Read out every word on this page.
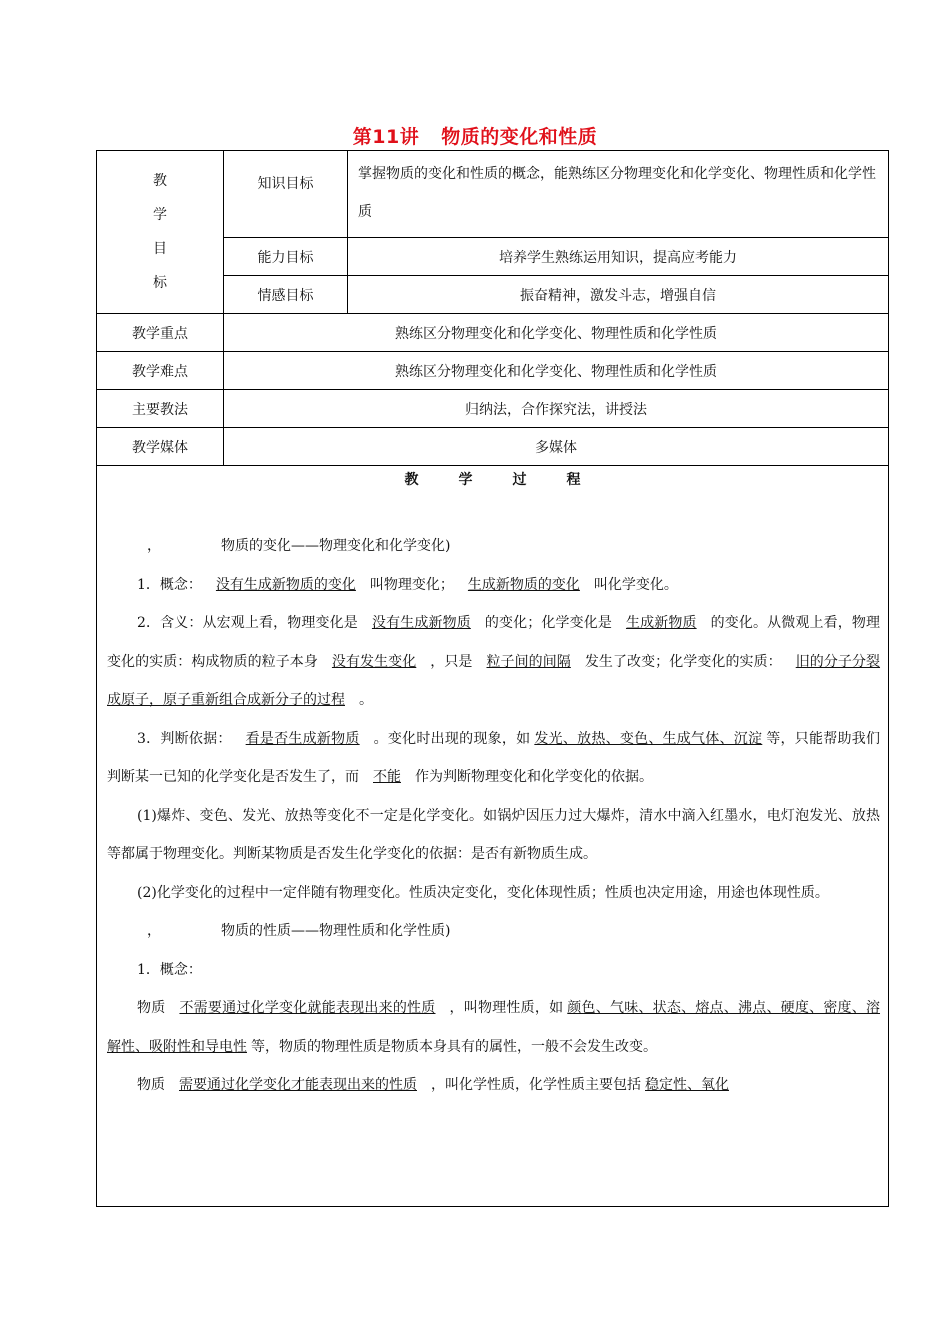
第11讲 物质的变化和性质
教
学
目
标	知识目标	掌握物质的变化和性质的概念，能熟练区分物理变化和化学变化、物理性质和化学性质
	能力目标	培养学生熟练运用知识，提高应考能力
	情感目标	振奋精神，激发斗志，增强自信
教学重点	熟练区分物理变化和化学变化、物理性质和化学性质	
教学难点	熟练区分物理变化和化学变化、物理性质和化学性质	
主要教法	归纳法，合作探究法，讲授法	
教学媒体	多媒体	
教学过程

，	物质的变化——物理变化和化学变化)

1．概念： 没有生成新物质的变化 叫物理变化； 生成新物质的变化 叫化学变化。

2．含义：从宏观上看，物理变化是 没有生成新物质 的变化；化学变化是 生成新物质 的变化。从微观上看，物理变化的实质：构成物质的粒子本身 没有发生变化 ，只是 粒子间的间隔 发生了改变；化学变化的实质： 旧的分子分裂成原子，原子重新组合成新分子的过程 。

3．判断依据： 看是否生成新物质 。变化时出现的现象，如 发光、放热、变色、生成气体、沉淀 等，只能帮助我们判断某一已知的化学变化是否发生了，而 不能 作为判断物理变化和化学变化的依据。

(1)爆炸、变色、发光、放热等变化不一定是化学变化。如锅炉因压力过大爆炸，清水中滴入红墨水，电灯泡发光、放热等都属于物理变化。判断某物质是否发生化学变化的依据：是否有新物质生成。

(2)化学变化的过程中一定伴随有物理变化。性质决定变化，变化体现性质；性质也决定用途，用途也体现性质。

，	物质的性质——物理性质和化学性质)

1．概念：

物质 不需要通过化学变化就能表现出来的性质 ，叫物理性质，如 颜色、气味、状态、熔点、沸点、硬度、密度、溶解性、吸附性和导电性 等，物质的物理性质是物质本身具有的属性，一般不会发生改变。

物质 需要通过化学变化才能表现出来的性质 ，叫化学性质，化学性质主要包括 稳定性、氧化
